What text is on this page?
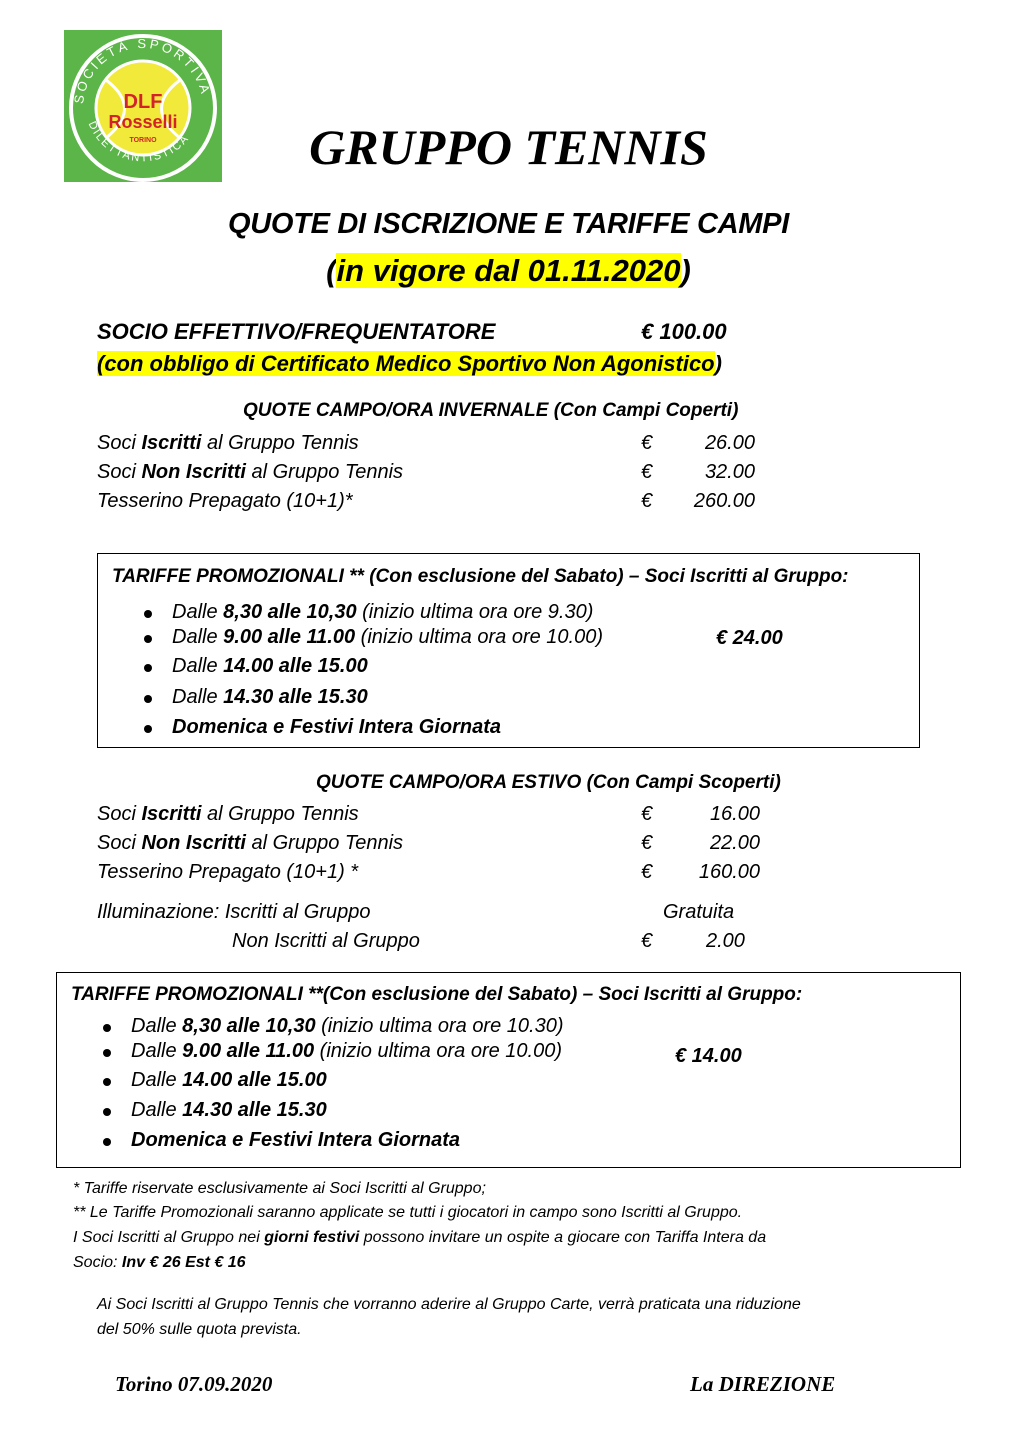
SOCIETÀ SPORTIVA
DILETTANTISTICA
DLF
Rosselli
TORINO	GRUPPO TENNIS
QUOTE DI ISCRIZIONE E TARIFFE CAMPI
(in vigore dal 01.11.2020)
SOCIO EFFETTIVO/FREQUENTATORE	€ 100.00
(con obbligo di Certificato Medico Sportivo Non Agonistico)
QUOTE CAMPO/ORA INVERNALE (Con Campi Coperti)
Soci Iscritti al Gruppo Tennis	€	26.00
Soci Non Iscritti al Gruppo Tennis	€	32.00
Tesserino Prepagato (10+1)*	€	260.00
TARIFFE PROMOZIONALI ** (Con esclusione del Sabato) – Soci Iscritti al Gruppo:
€ 24.00
Dalle 8,30 alle 10,30 (inizio ultima ora ore 9.30)
Dalle 9.00 alle 11.00 (inizio ultima ora ore 10.00)
Dalle 14.00 alle 15.00
Dalle 14.30 alle 15.30
Domenica e Festivi Intera Giornata
QUOTE CAMPO/ORA ESTIVO (Con Campi Scoperti)
Soci Iscritti al Gruppo Tennis	€	16.00
Soci Non Iscritti al Gruppo Tennis	€	22.00
Tesserino Prepagato (10+1) *	€	160.00
Illuminazione: Iscritti al Gruppo	Gratuita
Non Iscritti al Gruppo	€	2.00
TARIFFE PROMOZIONALI **(Con esclusione del Sabato) – Soci Iscritti al Gruppo:
€ 14.00
Dalle 8,30 alle 10,30 (inizio ultima ora ore 10.30)
Dalle 9.00 alle 11.00 (inizio ultima ora ore 10.00)
Dalle 14.00 alle 15.00
Dalle 14.30 alle 15.30
Domenica e Festivi Intera Giornata
* Tariffe riservate esclusivamente ai Soci Iscritti al Gruppo;
** Le Tariffe Promozionali saranno applicate se tutti i giocatori in campo sono Iscritti al Gruppo.
I Soci Iscritti al Gruppo nei giorni festivi possono invitare un ospite a giocare con Tariffa Intera da
Socio: Inv € 26 Est € 16
Ai Soci Iscritti al Gruppo Tennis che vorranno aderire al Gruppo Carte, verrà praticata una riduzione
del 50% sulle quota prevista.
Torino 07.09.2020	La DIREZIONE
